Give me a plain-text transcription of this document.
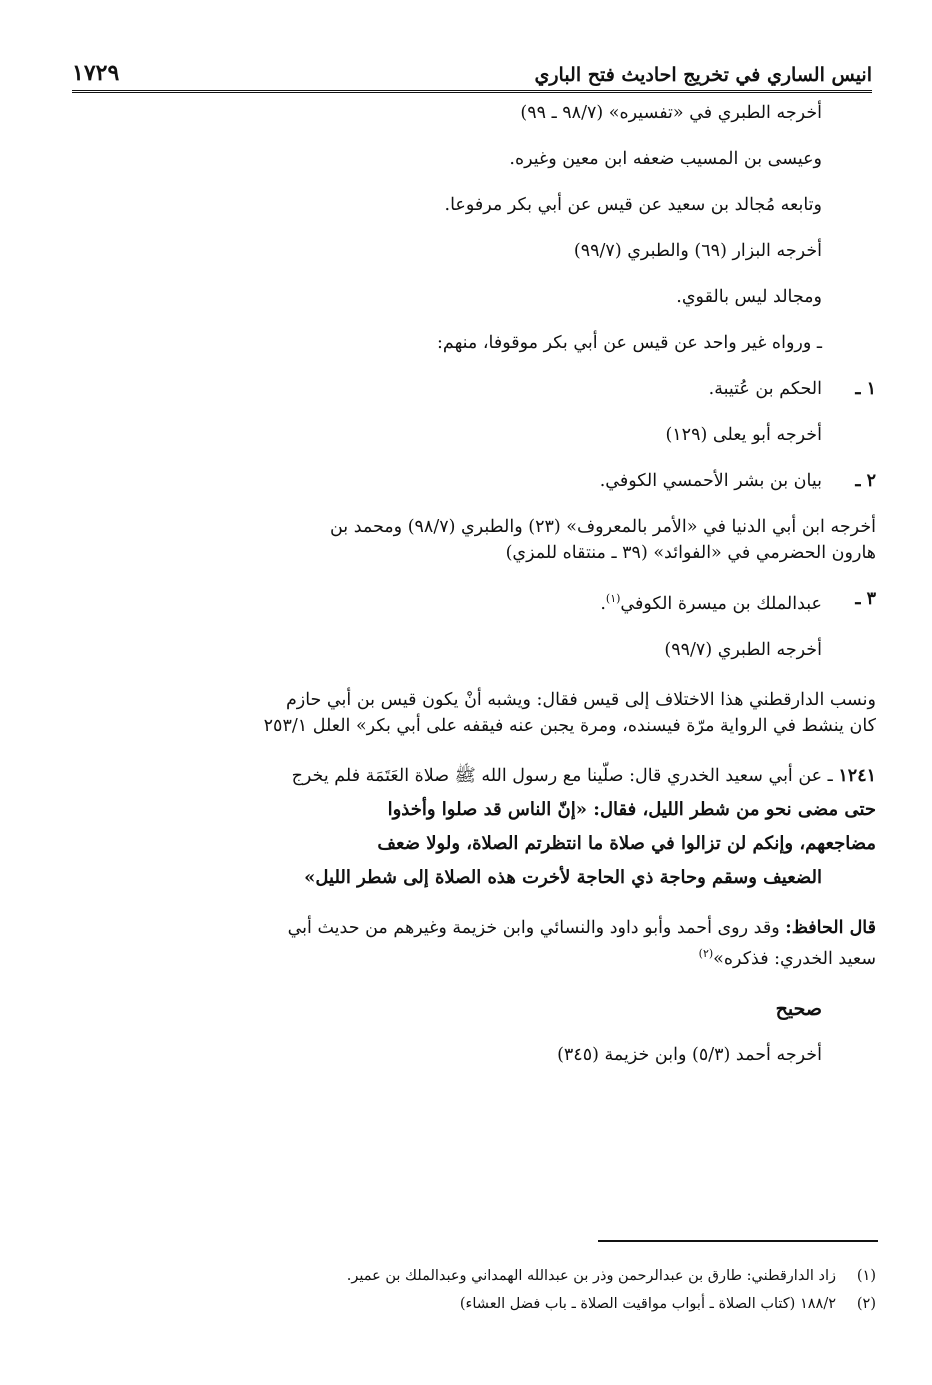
انيس الساري في تخريج احاديث فتح الباري
١٧٢٩

أخرجه الطبري في «تفسيره» (٩٨/٧ ـ ٩٩)

وعيسى بن المسيب ضعفه ابن معين وغيره.

وتابعه مُجالد بن سعيد عن قيس عن أبي بكر مرفوعا.

أخرجه البزار (٦٩) والطبري (٩٩/٧)

ومجالد ليس بالقوي.

ـ ورواه غير واحد عن قيس عن أبي بكر موقوفا، منهم:

١ ـ
الحكم بن عُتيبة.

أخرجه أبو يعلى (١٢٩)

٢ ـ
بيان بن بشر الأحمسي الكوفي.

أخرجه ابن أبي الدنيا في «الأمر بالمعروف» (٢٣) والطبري (٩٨/٧) ومحمد بن

هارون الحضرمي في «الفوائد» (٣٩ ـ منتقاه للمزي)

٣ ـ
عبدالملك بن ميسرة الكوفي$^{(١)}$.

أخرجه الطبري (٩٩/٧)

ونسب الدارقطني هذا الاختلاف إلى قيس فقال: ويشبه أنْ يكون قيس بن أبي حازم

كان ينشط في الرواية مرّة فيسنده، ومرة يجبن عنه فيقفه على أبي بكر» العلل ٢٥٣/١

١٢٤١ ـ عن أبي سعيد الخدري قال: صلّينا مع رسول الله ﷺ صلاة العَتَمَة فلم يخرج

حتى مضى نحو من شطر الليل، فقال: «إنّ الناس قد صلوا وأخذوا

مضاجعهم، وإنكم لن تزالوا في صلاة ما انتظرتم الصلاة، ولولا ضعف

الضعيف وسقم وحاجة ذي الحاجة لأخرت هذه الصلاة إلى شطر الليل»

قال الحافظ: وقد روى أحمد وأبو داود والنسائي وابن خزيمة وغيرهم من حديث أبي

سعيد الخدري: فذكره»$^{(٢)}$

صحيح

أخرجه أحمد (٥/٣) وابن خزيمة (٣٤٥)

(١)
زاد الدارقطني: طارق بن عبدالرحمن وذر بن عبدالله الهمداني وعبدالملك بن عمير.
(٢)
١٨٨/٢ (كتاب الصلاة ـ أبواب مواقيت الصلاة ـ باب فضل العشاء)
